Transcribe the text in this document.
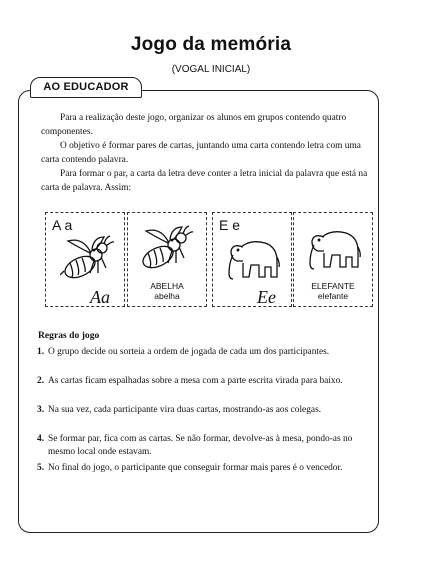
Jogo da memória
(VOGAL INICIAL)
AO EDUCADOR

Para a realização deste jogo, organizar os alunos em grupos contendo quatro componentes.

O objetivo é formar pares de cartas, juntando uma carta contendo letra com uma carta contendo palavra.

Para formar o par, a carta da letra deve conter a letra inicial da palavra que está na carta de palavra. Assim:

A a
Aa
ABELHA
abelha
E e
Ee
ELEFANTE
elefante
Regras do jogo
1. O grupo decide ou sorteia a ordem de jogada de cada um dos participantes.
2. As cartas ficam espalhadas sobre a mesa com a parte escrita virada para baixo.
3. Na sua vez, cada participante vira duas cartas, mostrando-as aos colegas.
4. Se formar par, fica com as cartas. Se não formar, devolve-as à mesa, pondo-as no mesmo local onde estavam.
5. No final do jogo, o participante que conseguir formar mais pares é o vencedor.
